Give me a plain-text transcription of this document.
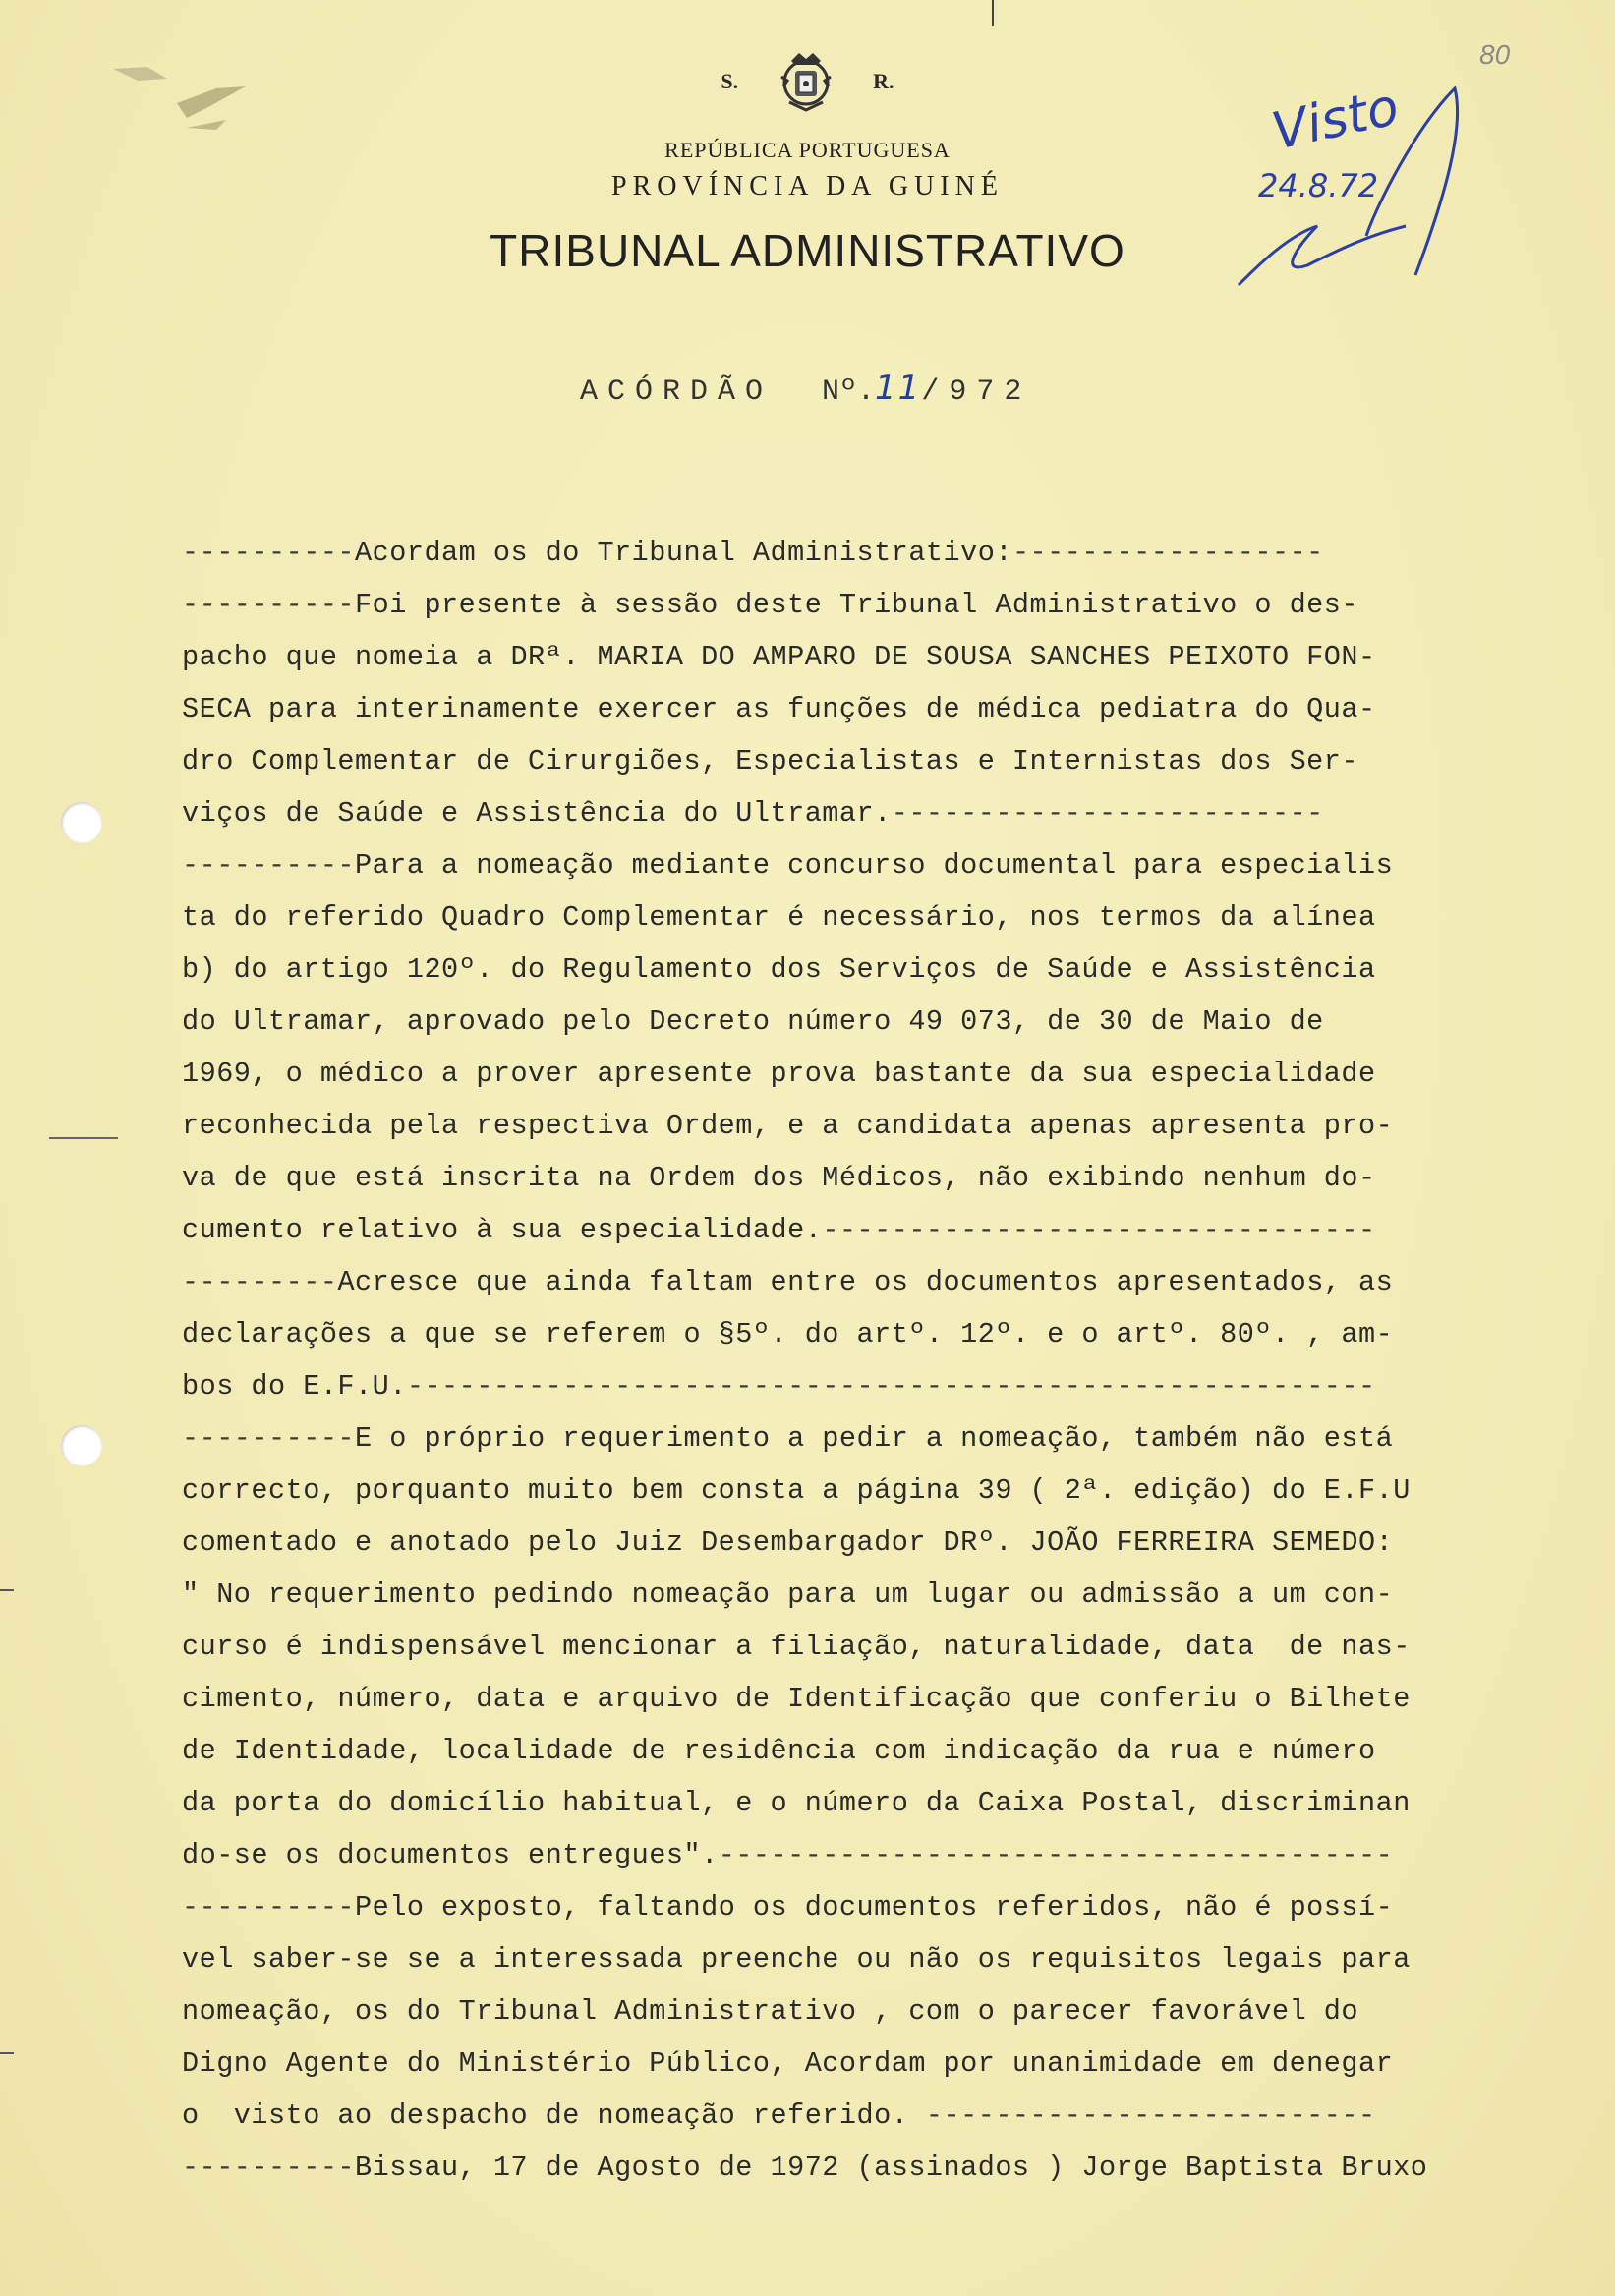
S.	R.
REPÚBLICA PORTUGUESA
PROVÍNCIA DA GUINÉ
TRIBUNAL ADMINISTRATIVO
80
Visto
24.8.72
ACÓRDÃO Nº.11/972
----------Acordam os do Tribunal Administrativo:------------------
----------Foi presente à sessão deste Tribunal Administrativo o des-
pacho que nomeia a DRª. MARIA DO AMPARO DE SOUSA SANCHES PEIXOTO FON-
SECA para interinamente exercer as funções de médica pediatra do Qua-
dro Complementar de Cirurgiões, Especialistas e Internistas dos Ser-
viços de Saúde e Assistência do Ultramar.-------------------------
----------Para a nomeação mediante concurso documental para especialis
ta do referido Quadro Complementar é necessário, nos termos da alínea
b) do artigo 120º. do Regulamento dos Serviços de Saúde e Assistência
do Ultramar, aprovado pelo Decreto número 49 073, de 30 de Maio de
1969, o médico a prover apresente prova bastante da sua especialidade
reconhecida pela respectiva Ordem, e a candidata apenas apresenta pro-
va de que está inscrita na Ordem dos Médicos, não exibindo nenhum do-
cumento relativo à sua especialidade.--------------------------------
---------Acresce que ainda faltam entre os documentos apresentados, as
declarações a que se referem o §5º. do artº. 12º. e o artº. 80º. , am-
bos do E.F.U.--------------------------------------------------------
----------E o próprio requerimento a pedir a nomeação, também não está
correcto, porquanto muito bem consta a página 39 ( 2ª. edição) do E.F.U
comentado e anotado pelo Juiz Desembargador DRº. JOÃO FERREIRA SEMEDO:
" No requerimento pedindo nomeação para um lugar ou admissão a um con-
curso é indispensável mencionar a filiação, naturalidade, data  de nas-
cimento, número, data e arquivo de Identificação que conferiu o Bilhete
de Identidade, localidade de residência com indicação da rua e número
da porta do domicílio habitual, e o número da Caixa Postal, discriminan
do-se os documentos entregues".---------------------------------------
----------Pelo exposto, faltando os documentos referidos, não é possí-
vel saber-se se a interessada preenche ou não os requisitos legais para
nomeação, os do Tribunal Administrativo , com o parecer favorável do
Digno Agente do Ministério Público, Acordam por unanimidade em denegar
o  visto ao despacho de nomeação referido. --------------------------
----------Bissau, 17 de Agosto de 1972 (assinados ) Jorge Baptista Bruxo
